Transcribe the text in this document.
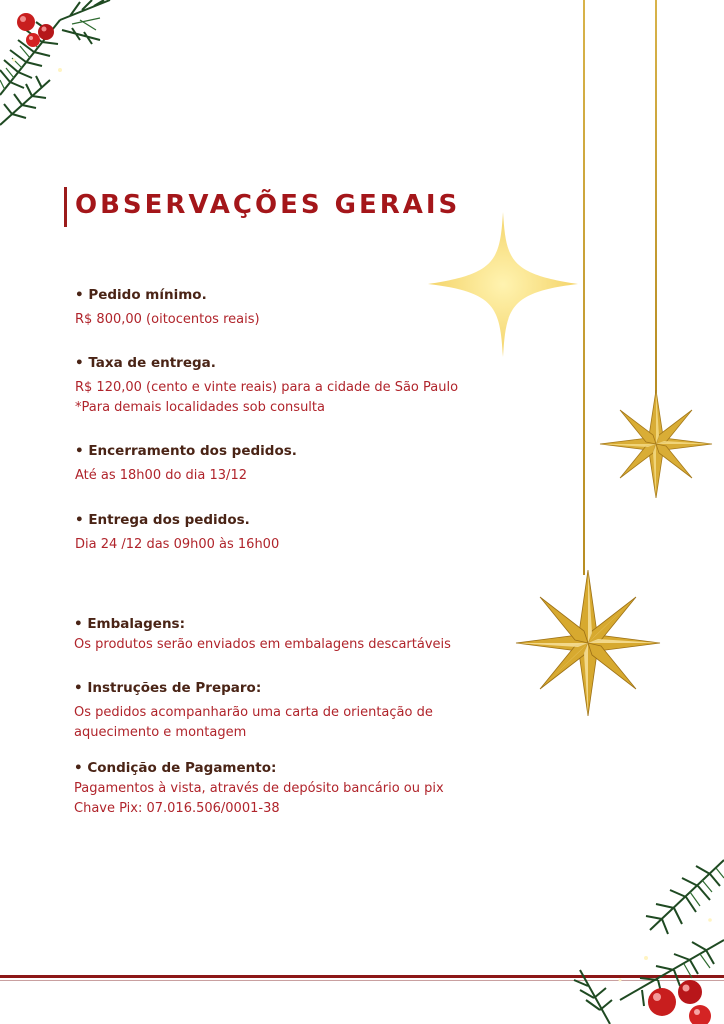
OBSERVAÇÕES GERAIS
• Pedido mínimo.
R$ 800,00 (oitocentos reais)
• Taxa de entrega.
R$ 120,00 (cento e vinte reais) para a cidade de São Paulo
*Para demais localidades sob consulta
• Encerramento dos pedidos.
Até as 18h00 do dia 13/12
• Entrega dos pedidos.
Dia 24 /12 das 09h00 às 16h00
• Embalagens:
Os produtos serão enviados em embalagens descartáveis
• Instruções de Preparo:
Os pedidos acompanharão uma carta de orientação de
aquecimento e montagem
• Condição de Pagamento:
Pagamentos à vista, através de depósito bancário ou pix
Chave Pix: 07.016.506/0001-38
